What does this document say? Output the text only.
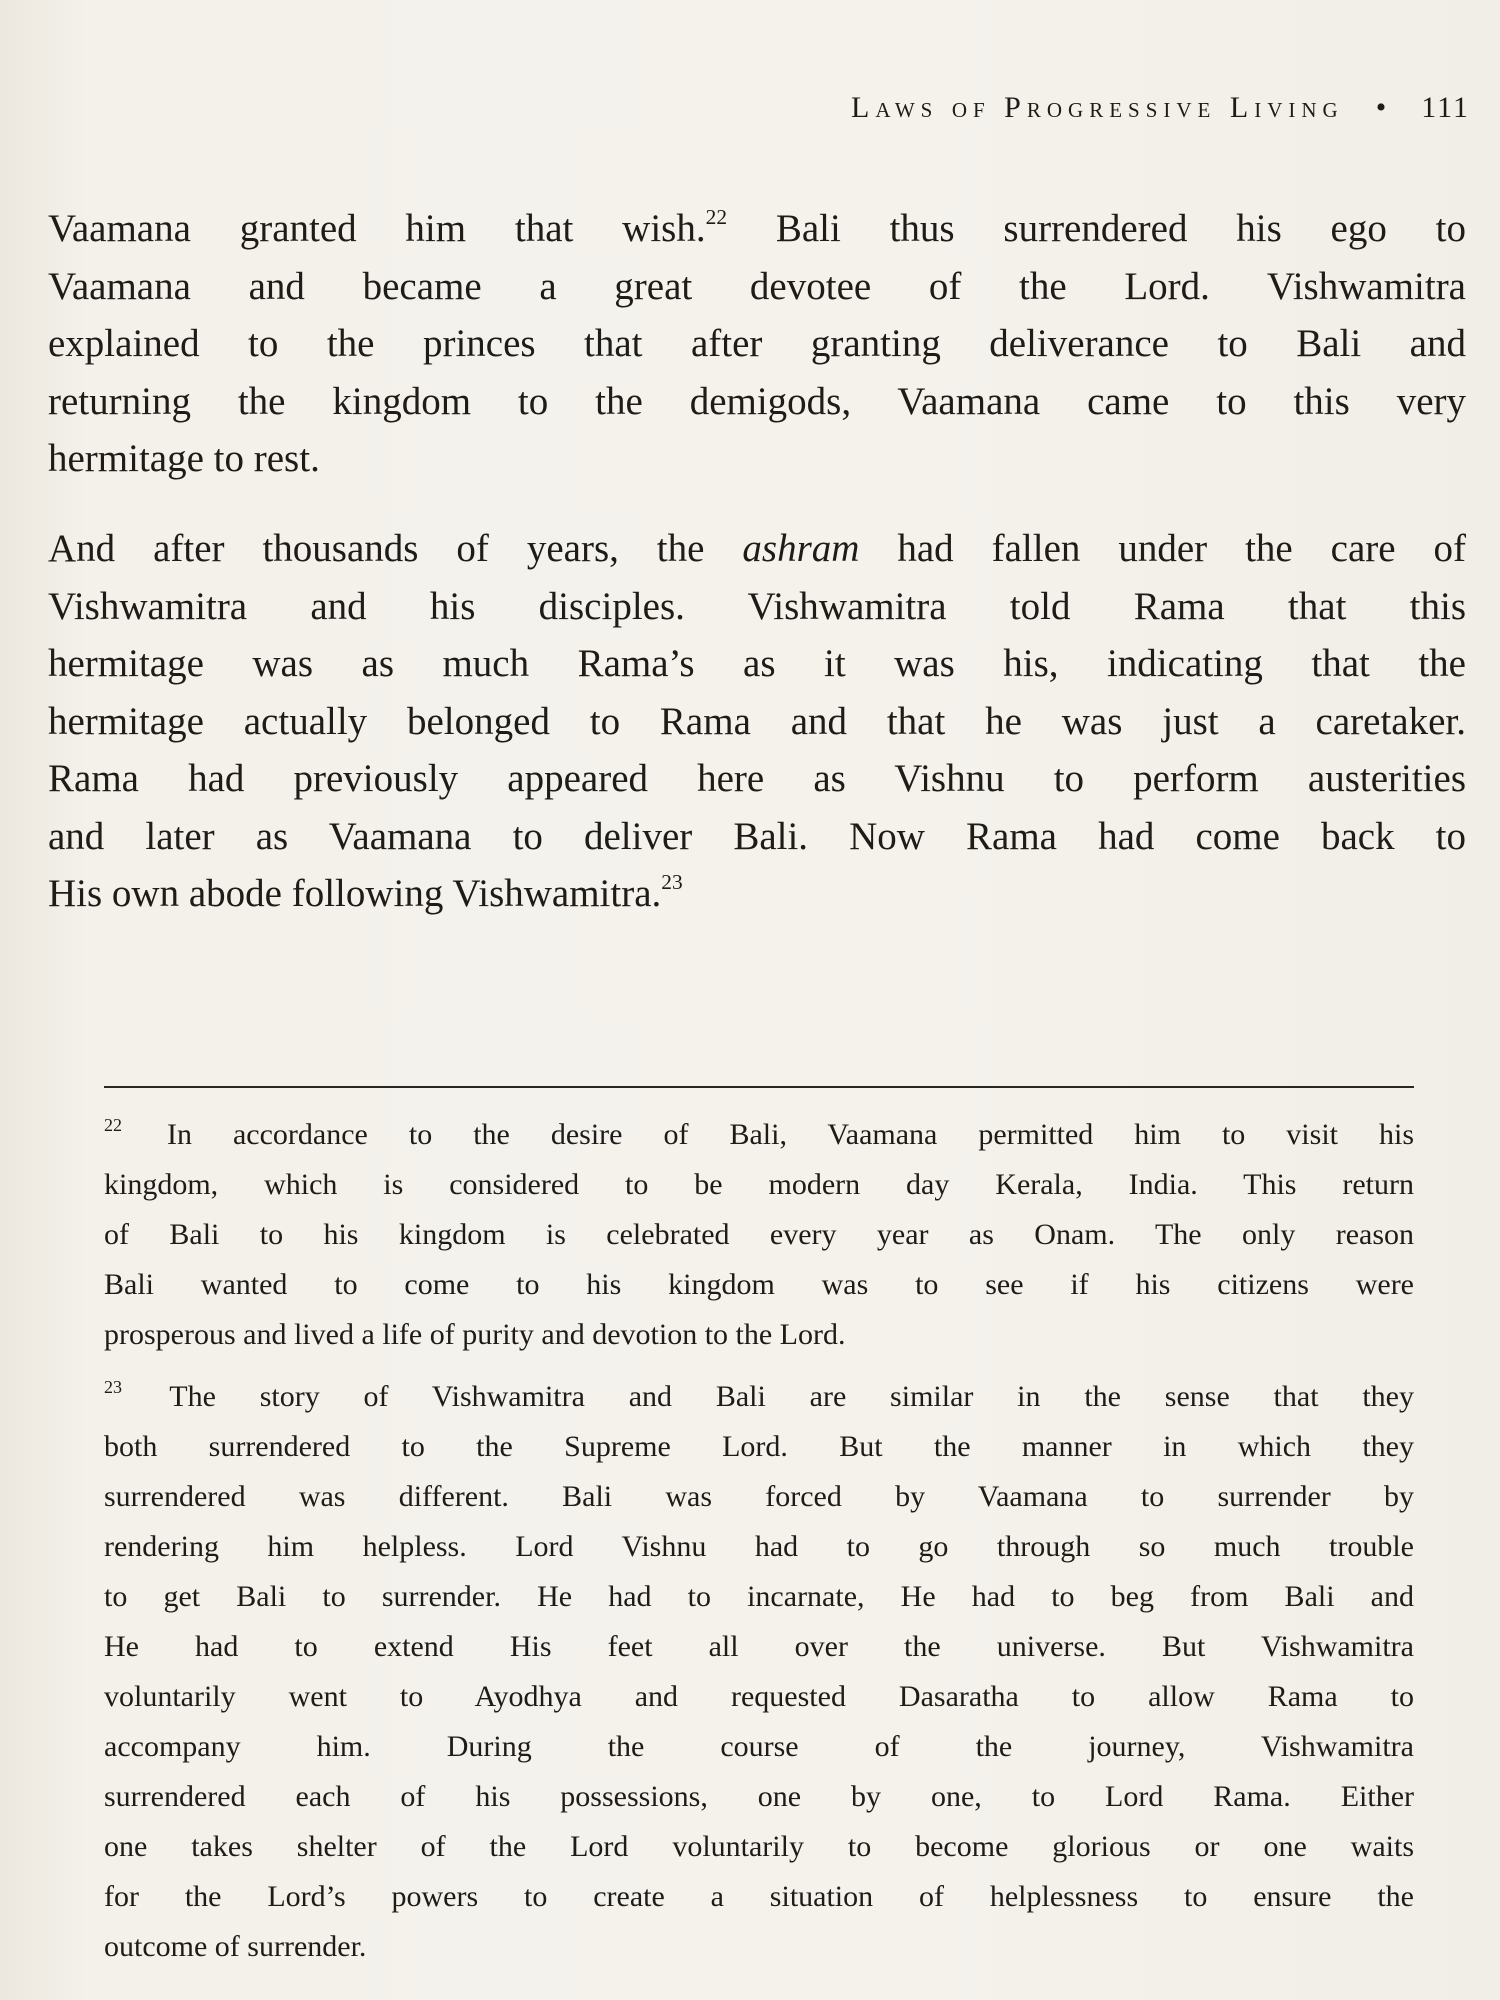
Laws of Progressive Living • 111

Vaamana granted him that wish.$^{22}$ Bali thus surrendered his ego to
Vaamana and became a great devotee of the Lord. Vishwamitra
explained to the princes that after granting deliverance to Bali and
returning the kingdom to the demigods, Vaamana came to this very
hermitage to rest.

And after thousands of years, the ashram had fallen under the care of
Vishwamitra and his disciples. Vishwamitra told Rama that this
hermitage was as much Rama’s as it was his, indicating that the
hermitage actually belonged to Rama and that he was just a caretaker.
Rama had previously appeared here as Vishnu to perform austerities
and later as Vaamana to deliver Bali. Now Rama had come back to
His own abode following Vishwamitra.$^{23}$

$^{22}$ In accordance to the desire of Bali, Vaamana permitted him to visit his
kingdom, which is considered to be modern day Kerala, India. This return
of Bali to his kingdom is celebrated every year as Onam. The only reason
Bali wanted to come to his kingdom was to see if his citizens were
prosperous and lived a life of purity and devotion to the Lord.

$^{23}$ The story of Vishwamitra and Bali are similar in the sense that they
both surrendered to the Supreme Lord. But the manner in which they
surrendered was different. Bali was forced by Vaamana to surrender by
rendering him helpless. Lord Vishnu had to go through so much trouble
to get Bali to surrender. He had to incarnate, He had to beg from Bali and
He had to extend His feet all over the universe. But Vishwamitra
voluntarily went to Ayodhya and requested Dasaratha to allow Rama to
accompany him. During the course of the journey, Vishwamitra
surrendered each of his possessions, one by one, to Lord Rama. Either
one takes shelter of the Lord voluntarily to become glorious or one waits
for the Lord’s powers to create a situation of helplessness to ensure the
outcome of surrender.
